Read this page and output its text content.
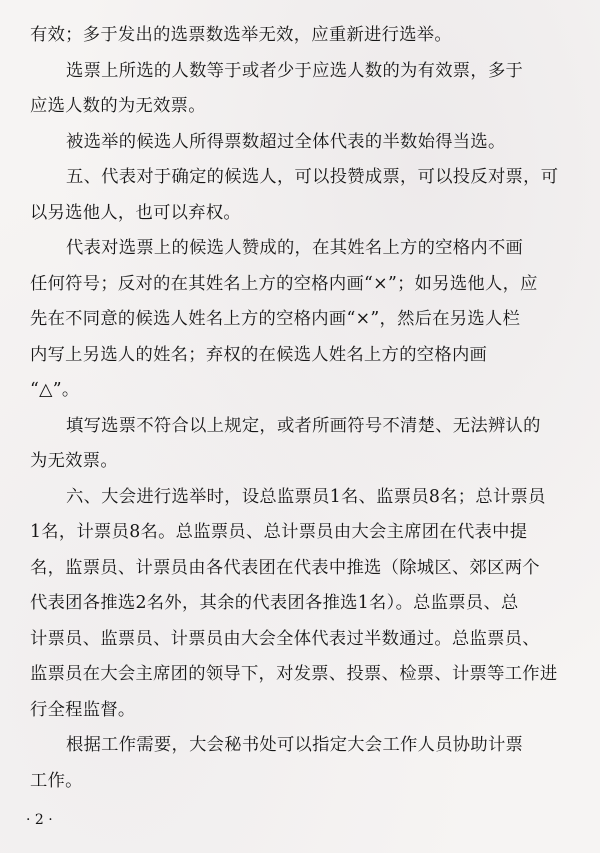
有效；多于发出的选票数选举无效，应重新进行选举。
选票上所选的人数等于或者少于应选人数的为有效票，多于
应选人数的为无效票。
被选举的候选人所得票数超过全体代表的半数始得当选。
五、代表对于确定的候选人，可以投赞成票，可以投反对票，可
以另选他人，也可以弃权。
代表对选票上的候选人赞成的，在其姓名上方的空格内不画
任何符号；反对的在其姓名上方的空格内画“×”；如另选他人，应
先在不同意的候选人姓名上方的空格内画“×”，然后在另选人栏
内写上另选人的姓名；弃权的在候选人姓名上方的空格内画
“△”。
填写选票不符合以上规定，或者所画符号不清楚、无法辨认的
为无效票。
六、大会进行选举时，设总监票员1名、监票员8名；总计票员
1名，计票员8名。总监票员、总计票员由大会主席团在代表中提
名，监票员、计票员由各代表团在代表中推选（除城区、郊区两个
代表团各推选2名外，其余的代表团各推选1名）。总监票员、总
计票员、监票员、计票员由大会全体代表过半数通过。总监票员、
监票员在大会主席团的领导下，对发票、投票、检票、计票等工作进
行全程监督。
根据工作需要，大会秘书处可以指定大会工作人员协助计票
工作。
· 2 ·
